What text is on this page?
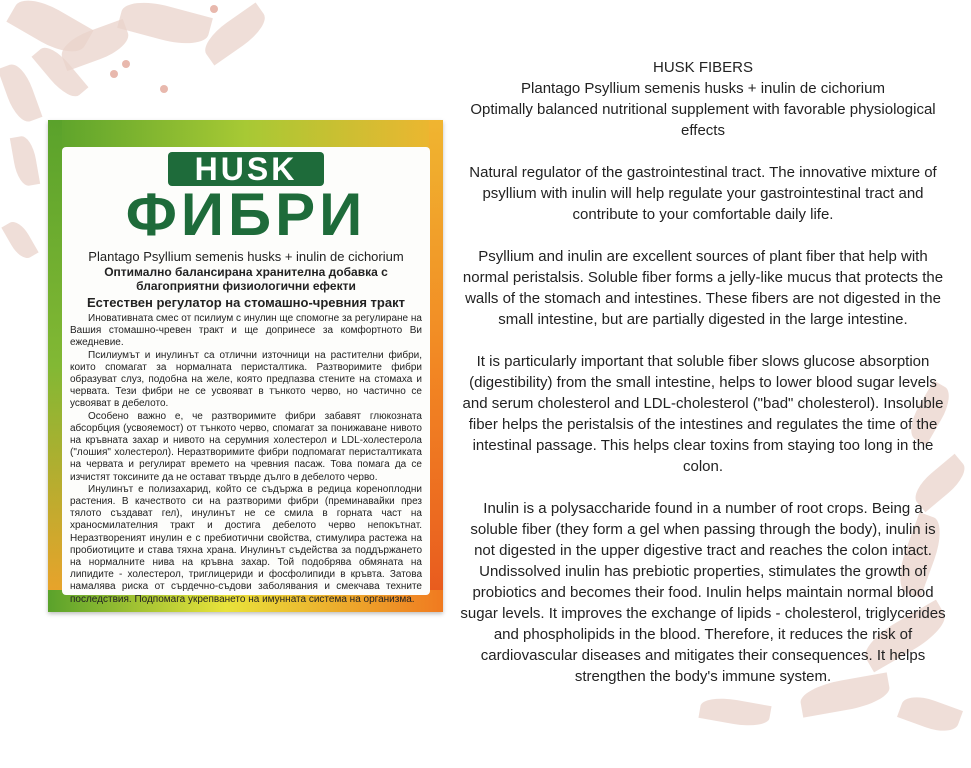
HUSK
ФИБРИ
Plantago Psyllium semenis husks + inulin de cichorium
Оптимално балансирана хранителна добавка с благоприятни физиологични ефекти
Естествен регулатор на стомашно-чревния тракт
Иновативната смес от псилиум с инулин ще спомогне за регулиране на Вашия стомашно-чревен тракт и ще допринесе за комфортното Ви ежедневие.
Псилиумът и инулинът са отлични източници на растителни фибри, които спомагат за нормалната перисталтика. Разтворимите фибри образуват слуз, подобна на желе, която предпазва стените на стомаха и червата. Тези фибри не се усвояват в тънкото черво, но частично се усвояват в дебелото.
Особено важно е, че разтворимите фибри забавят глюкозната абсорбция (усвояемост) от тънкото черво, спомагат за понижаване нивото на кръвната захар и нивото на серумния холестерол и LDL-холестерола ("лошия" холестерол). Неразтворимите фибри подпомагат перисталтиката на червата и регулират времето на чревния пасаж. Това помага да се изчистят токсините да не остават твърде дълго в дебелото черво.
Инулинът е полизахарид, който се съдържа в редица кореноплодни растения. В качеството си на разтворими фибри (преминавайки през тялото създават гел), инулинът не се смила в горната част на храносмилателния тракт и достига дебелото черво непокътнат. Неразтвореният инулин е с пребиотични свойства, стимулира растежа на пробиотиците и става тяхна храна. Инулинът съдейства за поддържането на нормалните нива на кръвна захар. Той подобрява обмяната на липидите - холестерол, триглицериди и фосфолипиди в кръвта. Затова намалява риска от сърдечно-съдови заболявания и смекчава техните последствия. Подпомага укрепването на имунната система на организма.

HUSK FIBERS
Plantago Psyllium semenis husks + inulin de cichorium
Optimally balanced nutritional supplement with favorable physiological effects

Natural regulator of the gastrointestinal tract. The innovative mixture of psyllium with inulin will help regulate your gastrointestinal tract and contribute to your comfortable daily life.

Psyllium and inulin are excellent sources of plant fiber that help with normal peristalsis. Soluble fiber forms a jelly-like mucus that protects the walls of the stomach and intestines. These fibers are not digested in the small intestine, but are partially digested in the large intestine.

It is particularly important that soluble fiber slows glucose absorption (digestibility) from the small intestine, helps to lower blood sugar levels and serum cholesterol and LDL-cholesterol ("bad" cholesterol). Insoluble fiber helps the peristalsis of the intestines and regulates the time of the intestinal passage. This helps clear toxins from staying too long in the colon.

Inulin is a polysaccharide found in a number of root crops. Being a soluble fiber (they form a gel when passing through the body), inulin is not digested in the upper digestive tract and reaches the colon intact. Undissolved inulin has prebiotic properties, stimulates the growth of probiotics and becomes their food. Inulin helps maintain normal blood sugar levels. It improves the exchange of lipids - cholesterol, triglycerides and phospholipids in the blood. Therefore, it reduces the risk of cardiovascular diseases and mitigates their consequences. It helps strengthen the body's immune system.
